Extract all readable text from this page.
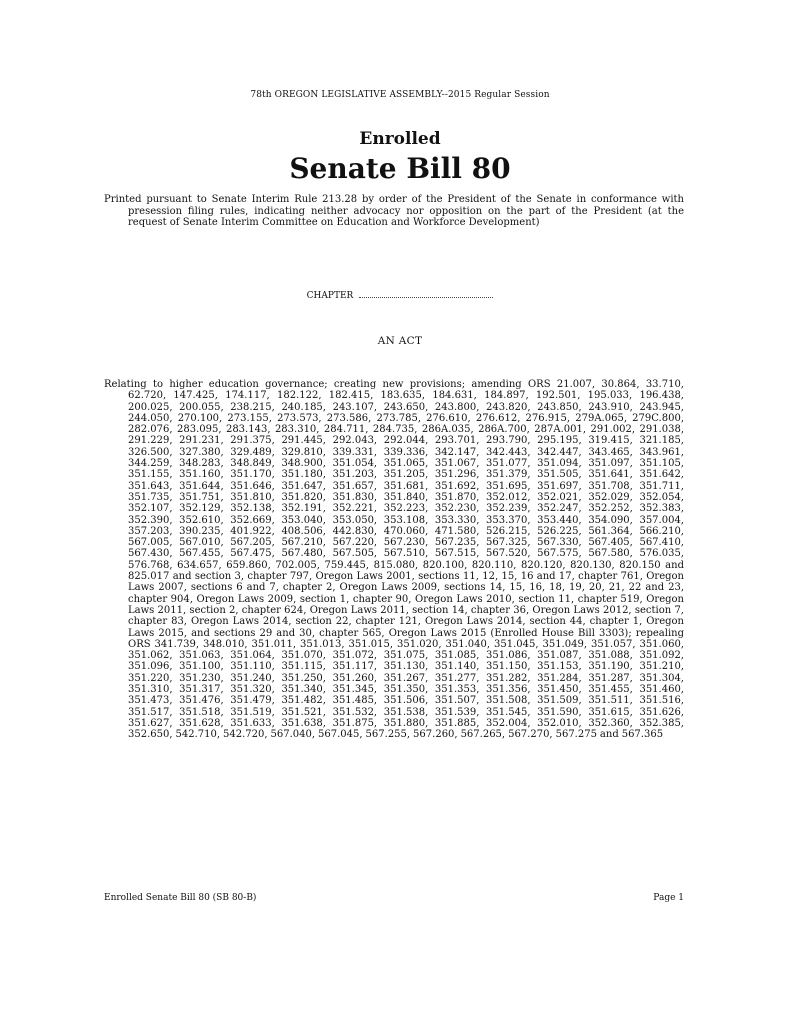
78th OREGON LEGISLATIVE ASSEMBLY--2015 Regular Session
Enrolled
Senate Bill 80
Printed pursuant to Senate Interim Rule 213.28 by order of the President of the Senate in conformance with presession filing rules, indicating neither advocacy nor opposition on the part of the President (at the request of Senate Interim Committee on Education and Workforce Development)
CHAPTER
AN ACT
Relating to higher education governance; creating new provisions; amending ORS 21.007, 30.864, 33.710, 62.720, 147.425, 174.117, 182.122, 182.415, 183.635, 184.631, 184.897, 192.501, 195.033, 196.438, 200.025, 200.055, 238.215, 240.185, 243.107, 243.650, 243.800, 243.820, 243.850, 243.910, 243.945, 244.050, 270.100, 273.155, 273.573, 273.586, 273.785, 276.610, 276.612, 276.915, 279A.065, 279C.800, 282.076, 283.095, 283.143, 283.310, 284.711, 284.735, 286A.035, 286A.700, 287A.001, 291.002, 291.038, 291.229, 291.231, 291.375, 291.445, 292.043, 292.044, 293.701, 293.790, 295.195, 319.415, 321.185, 326.500, 327.380, 329.489, 329.810, 339.331, 339.336, 342.147, 342.443, 342.447, 343.465, 343.961, 344.259, 348.283, 348.849, 348.900, 351.054, 351.065, 351.067, 351.077, 351.094, 351.097, 351.105, 351.155, 351.160, 351.170, 351.180, 351.203, 351.205, 351.296, 351.379, 351.505, 351.641, 351.642, 351.643, 351.644, 351.646, 351.647, 351.657, 351.681, 351.692, 351.695, 351.697, 351.708, 351.711, 351.735, 351.751, 351.810, 351.820, 351.830, 351.840, 351.870, 352.012, 352.021, 352.029, 352.054, 352.107, 352.129, 352.138, 352.191, 352.221, 352.223, 352.230, 352.239, 352.247, 352.252, 352.383, 352.390, 352.610, 352.669, 353.040, 353.050, 353.108, 353.330, 353.370, 353.440, 354.090, 357.004, 357.203, 390.235, 401.922, 408.506, 442.830, 470.060, 471.580, 526.215, 526.225, 561.364, 566.210, 567.005, 567.010, 567.205, 567.210, 567.220, 567.230, 567.235, 567.325, 567.330, 567.405, 567.410, 567.430, 567.455, 567.475, 567.480, 567.505, 567.510, 567.515, 567.520, 567.575, 567.580, 576.035, 576.768, 634.657, 659.860, 702.005, 759.445, 815.080, 820.100, 820.110, 820.120, 820.130, 820.150 and 825.017 and section 3, chapter 797, Oregon Laws 2001, sections 11, 12, 15, 16 and 17, chapter 761, Oregon Laws 2007, sections 6 and 7, chapter 2, Oregon Laws 2009, sections 14, 15, 16, 18, 19, 20, 21, 22 and 23, chapter 904, Oregon Laws 2009, section 1, chapter 90, Oregon Laws 2010, section 11, chapter 519, Oregon Laws 2011, section 2, chapter 624, Oregon Laws 2011, section 14, chapter 36, Oregon Laws 2012, section 7, chapter 83, Oregon Laws 2014, section 22, chapter 121, Oregon Laws 2014, section 44, chapter 1, Oregon Laws 2015, and sections 29 and 30, chapter 565, Oregon Laws 2015 (Enrolled House Bill 3303); repealing ORS 341.739, 348.010, 351.011, 351.013, 351.015, 351.020, 351.040, 351.045, 351.049, 351.057, 351.060, 351.062, 351.063, 351.064, 351.070, 351.072, 351.075, 351.085, 351.086, 351.087, 351.088, 351.092, 351.096, 351.100, 351.110, 351.115, 351.117, 351.130, 351.140, 351.150, 351.153, 351.190, 351.210, 351.220, 351.230, 351.240, 351.250, 351.260, 351.267, 351.277, 351.282, 351.284, 351.287, 351.304, 351.310, 351.317, 351.320, 351.340, 351.345, 351.350, 351.353, 351.356, 351.450, 351.455, 351.460, 351.473, 351.476, 351.479, 351.482, 351.485, 351.506, 351.507, 351.508, 351.509, 351.511, 351.516, 351.517, 351.518, 351.519, 351.521, 351.532, 351.538, 351.539, 351.545, 351.590, 351.615, 351.626, 351.627, 351.628, 351.633, 351.638, 351.875, 351.880, 351.885, 352.004, 352.010, 352.360, 352.385, 352.650, 542.710, 542.720, 567.040, 567.045, 567.255, 567.260, 567.265, 567.270, 567.275 and 567.365
Enrolled Senate Bill 80 (SB 80-B)	Page 1
